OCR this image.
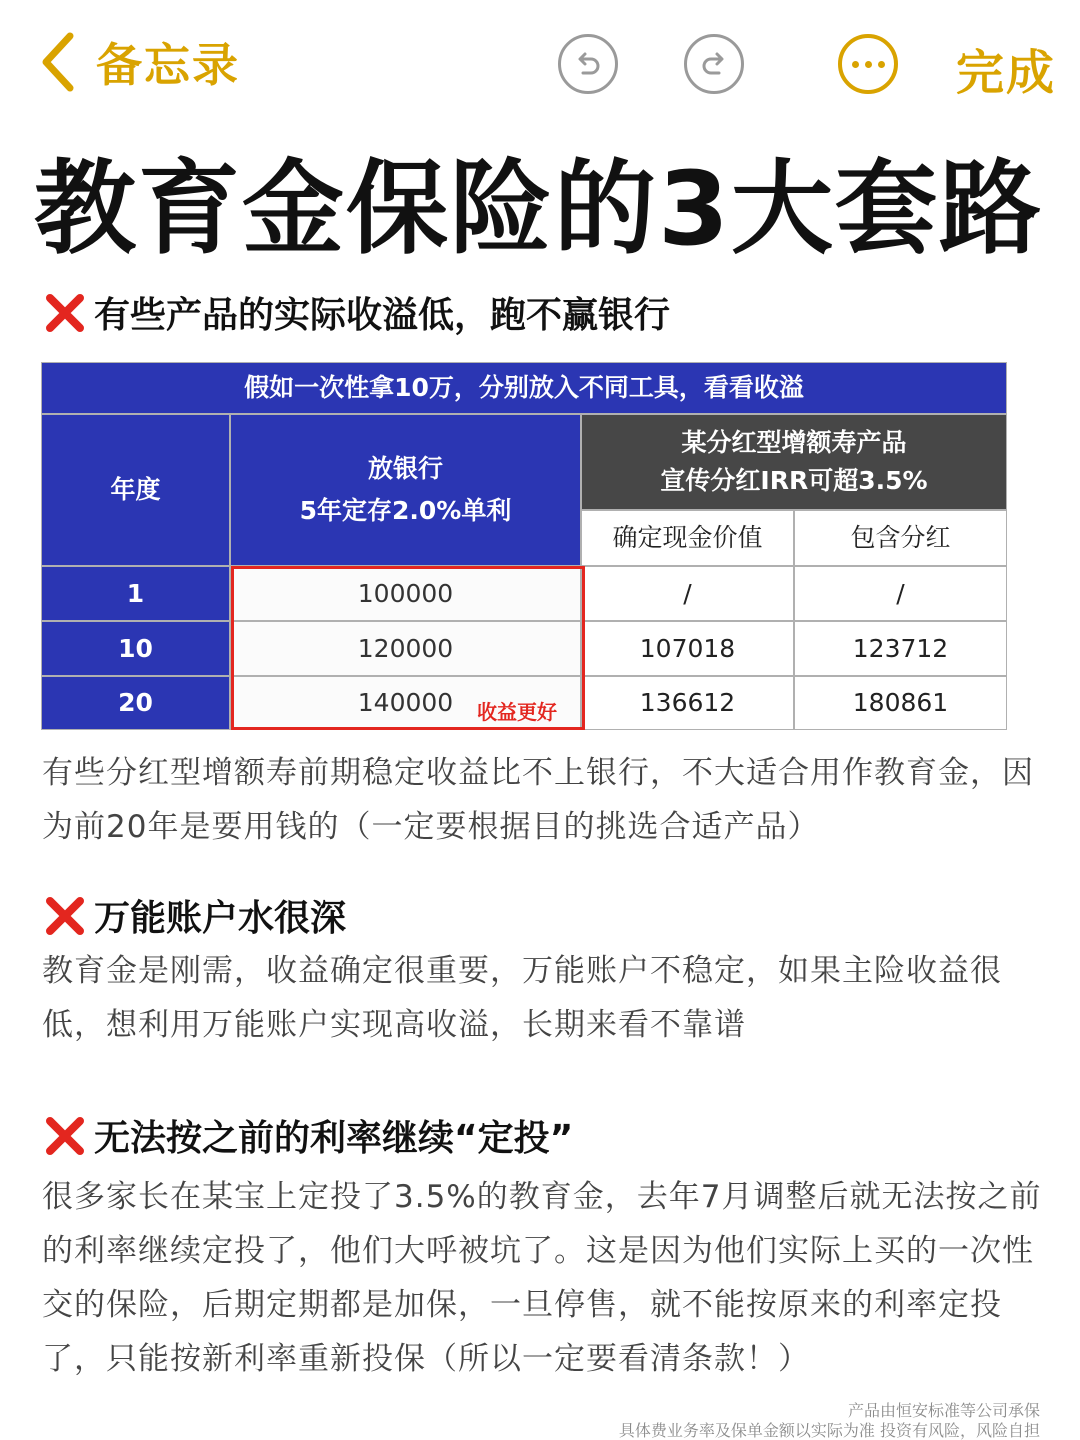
备忘录	完成
教育金保险的3大套路
有些产品的实际收溢低，跑不赢银行
假如一次性拿10万，分别放入不同工具，看看收溢
年度
放银行
5年定存2.0%单利
某分红型增额寿产品
宣传分红IRR可超3.5%
确定现金价值	包含分红
1	100000	/	/
10	120000	107018	123712
20	140000	136612	180861
收益更好
有些分红型增额寿前期稳定收益比不上银行，不大适合用作教育金，因为前20年是要用钱的（一定要根据目的挑选合适产品）
万能账户水很深
教育金是刚需，收益确定很重要，万能账户不稳定，如果主险收益很低，想利用万能账户实现高收溢，长期来看不靠谱
无法按之前的利率继续“定投”
很多家长在某宝上定投了3.5%的教育金，去年7月调整后就无法按之前的利率继续定投了，他们大呼被坑了。这是因为他们实际上买的一次性交的保险，后期定期都是加保，一旦停售，就不能按原来的利率定投了，只能按新利率重新投保（所以一定要看清条款！）
产品由恒安标准等公司承保
具体费业务率及保单金额以实际为准 投资有风险，风险自担
